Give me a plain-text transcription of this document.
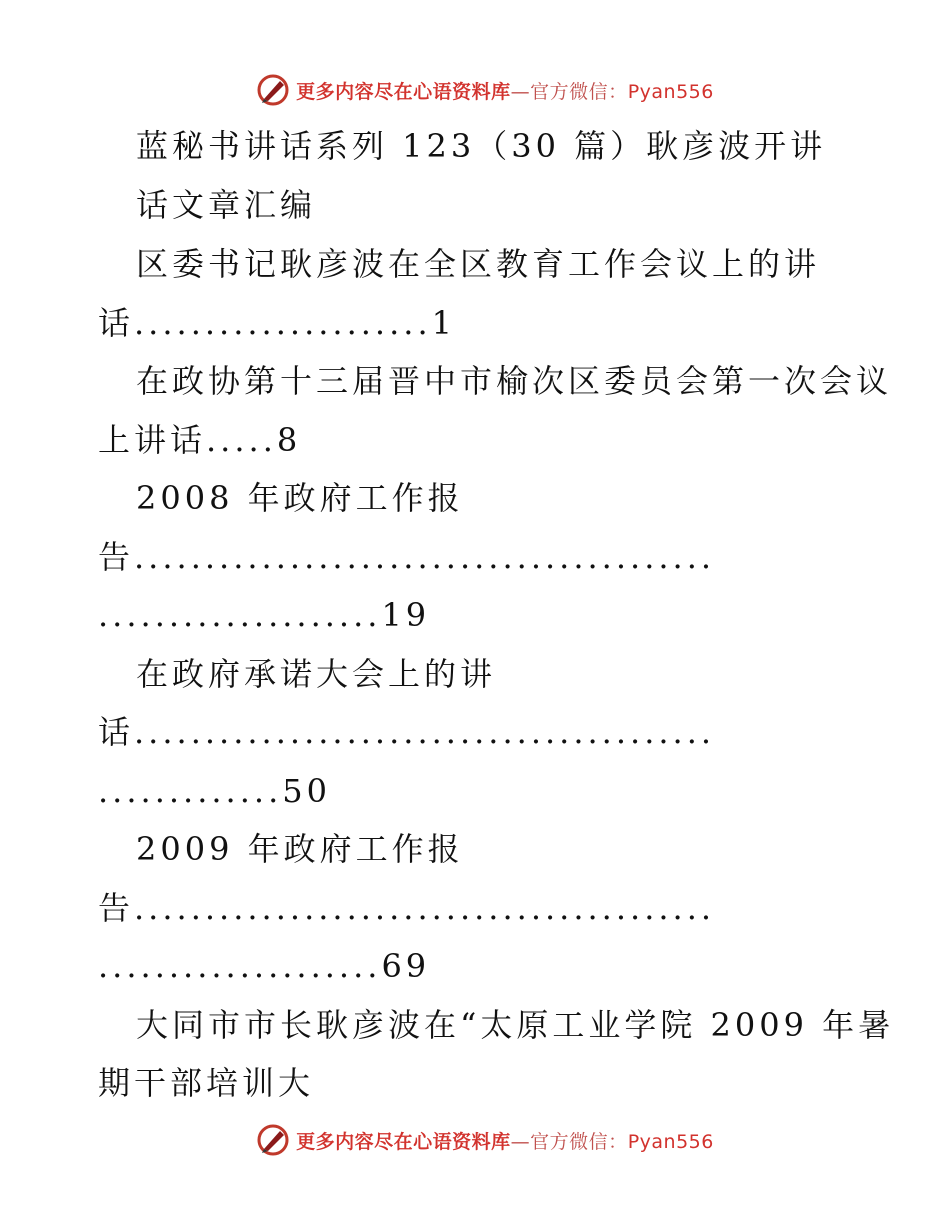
更多内容尽在心语资料库—官方微信：Pyan556
蓝秘书讲话系列 123（30 篇）耿彦波开讲
话文章汇编
区委书记耿彦波在全区教育工作会议上的讲
话.....................1
在政协第十三届晋中市榆次区委员会第一次会议
上讲话.....8
2008 年政府工作报
告.........................................
....................19
在政府承诺大会上的讲
话.........................................
.............50
2009 年政府工作报
告.........................................
....................69
大同市市长耿彦波在“太原工业学院 2009 年暑
期干部培训大
更多内容尽在心语资料库—官方微信：Pyan556
